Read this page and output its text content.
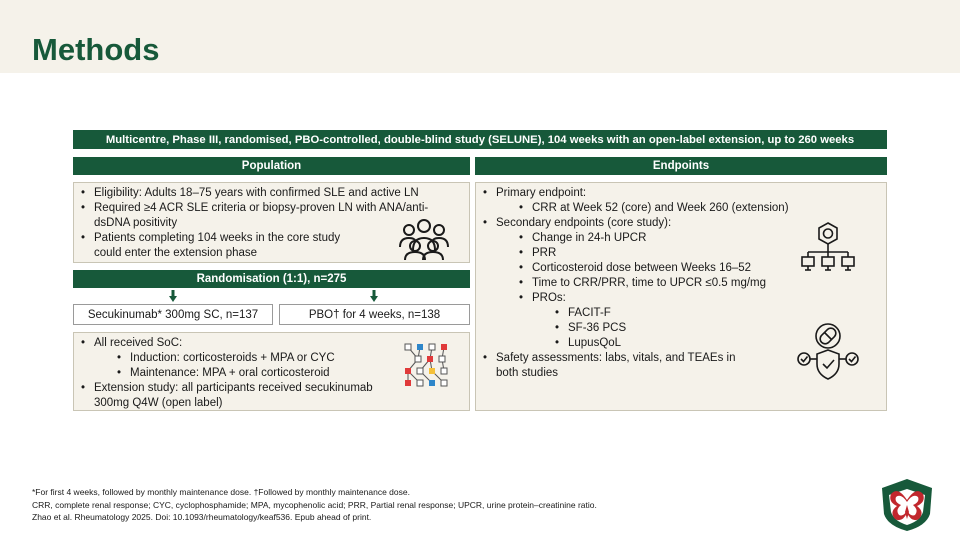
Methods
Multicentre, Phase III, randomised, PBO-controlled, double-blind study (SELUNE), 104 weeks with an open-label extension, up to 260 weeks
Population
• Eligibility: Adults 18–75 years with confirmed SLE and active LN
• Required ≥4 ACR SLE criteria or biopsy-proven LN with ANA/anti-dsDNA positivity
• Patients completing 104 weeks in the core study could enter the extension phase
Randomisation (1:1), n=275
Secukinumab* 300mg SC, n=137	PBO† for 4 weeks, n=138
• All received SoC:
• Induction: corticosteroids + MPA or CYC
• Maintenance: MPA + oral corticosteroid
• Extension study: all participants received secukinumab 300mg Q4W (open label)
Endpoints
• Primary endpoint:
• CRR at Week 52 (core) and Week 260 (extension)
• Secondary endpoints (core study):
• Change in 24-h UPCR
• PRR
• Corticosteroid dose between Weeks 16–52
• Time to CRR/PRR, time to UPCR ≤0.5 mg/mg
• PROs:
• FACIT-F
• SF-36 PCS
• LupusQoL
• Safety assessments: labs, vitals, and TEAEs in both studies
*For first 4 weeks, followed by monthly maintenance dose. †Followed by monthly maintenance dose.
CRR, complete renal response; CYC, cyclophosphamide; MPA, mycophenolic acid; PRR, Partial renal response; UPCR, urine protein–creatinine ratio.
Zhao et al. Rheumatology 2025. Doi: 10.1093/rheumatology/keaf536. Epub ahead of print.
